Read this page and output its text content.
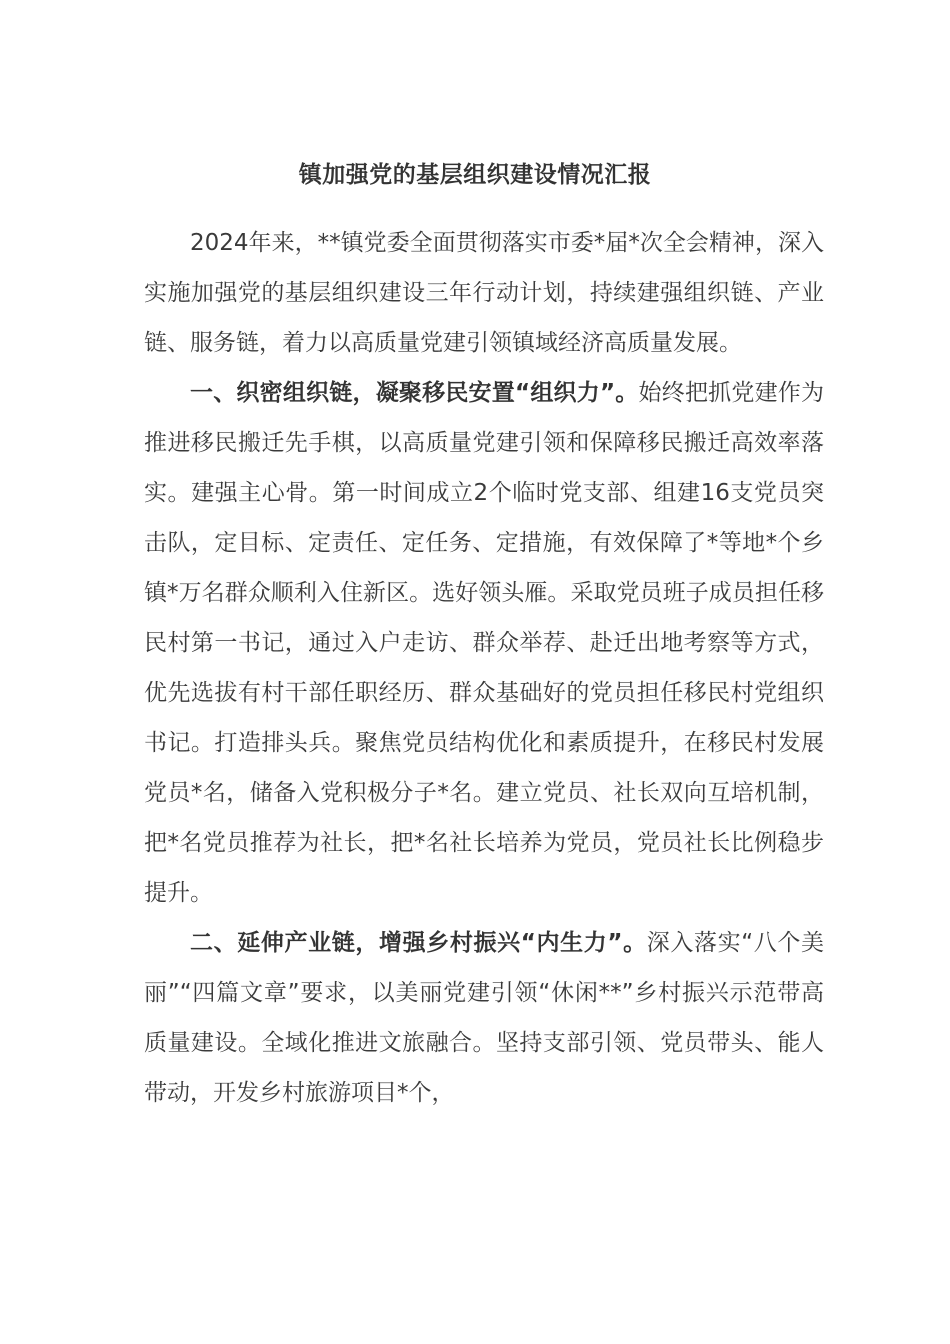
镇加强党的基层组织建设情况汇报

2024年来，**镇党委全面贯彻落实市委*届*次全会精神，深入实施加强党的基层组织建设三年行动计划，持续建强组织链、产业链、服务链，着力以高质量党建引领镇域经济高质量发展。

一、织密组织链，凝聚移民安置“组织力”。始终把抓党建作为推进移民搬迁先手棋，以高质量党建引领和保障移民搬迁高效率落实。建强主心骨。第一时间成立2个临时党支部、组建16支党员突击队，定目标、定责任、定任务、定措施，有效保障了*等地*个乡镇*万名群众顺利入住新区。选好领头雁。采取党员班子成员担任移民村第一书记，通过入户走访、群众举荐、赴迁出地考察等方式，优先选拔有村干部任职经历、群众基础好的党员担任移民村党组织书记。打造排头兵。聚焦党员结构优化和素质提升，在移民村发展党员*名，储备入党积极分子*名。建立党员、社长双向互培机制，把*名党员推荐为社长，把*名社长培养为党员，党员社长比例稳步提升。

二、延伸产业链，增强乡村振兴“内生力”。深入落实“八个美丽”“四篇文章”要求，以美丽党建引领“休闲**”乡村振兴示范带高质量建设。全域化推进文旅融合。坚持支部引领、党员带头、能人带动，开发乡村旅游项目*个，
